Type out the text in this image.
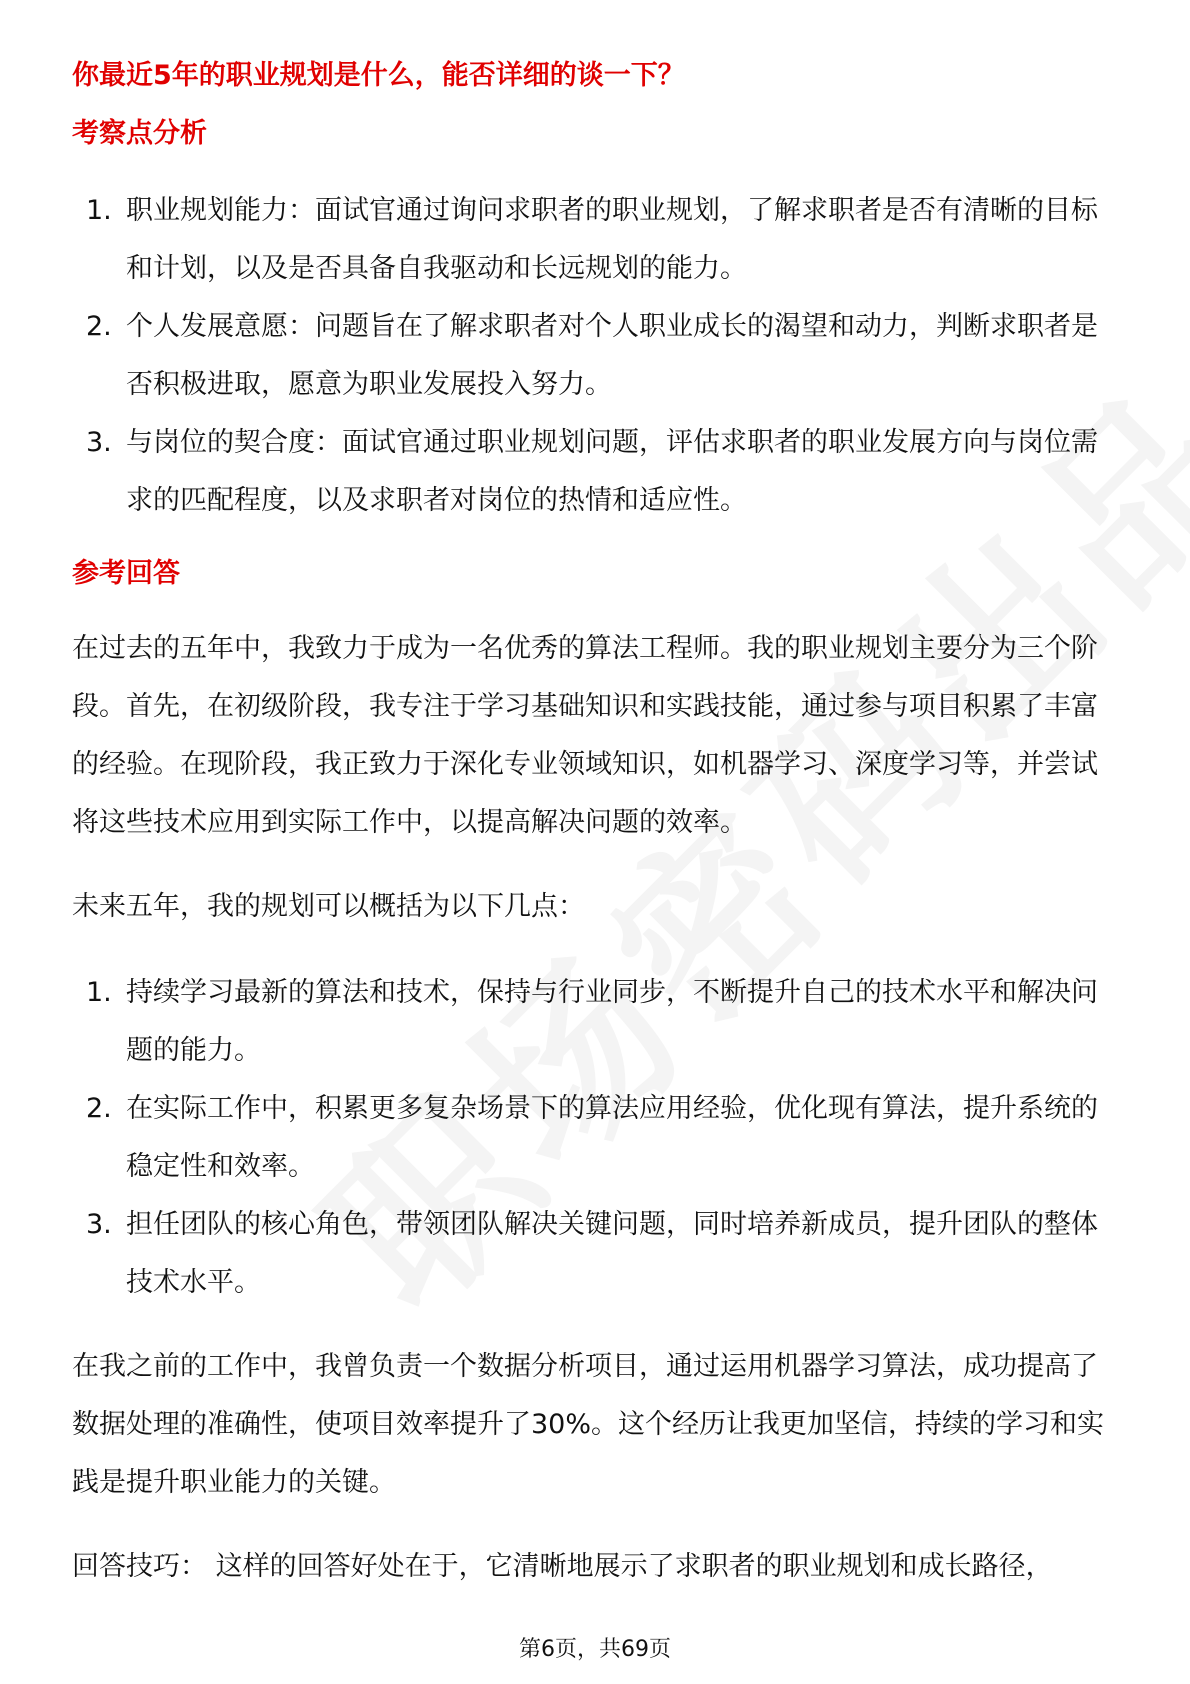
你最近5年的职业规划是什么，能否详细的谈一下？
考察点分析
1. 职业规划能力：面试官通过询问求职者的职业规划，了解求职者是否有清晰的目标和计划，以及是否具备自我驱动和长远规划的能力。
2. 个人发展意愿：问题旨在了解求职者对个人职业成长的渴望和动力，判断求职者是否积极进取，愿意为职业发展投入努力。
3. 与岗位的契合度：面试官通过职业规划问题，评估求职者的职业发展方向与岗位需求的匹配程度，以及求职者对岗位的热情和适应性。
参考回答

在过去的五年中，我致力于成为一名优秀的算法工程师。我的职业规划主要分为三个阶段。首先，在初级阶段，我专注于学习基础知识和实践技能，通过参与项目积累了丰富的经验。在现阶段，我正致力于深化专业领域知识，如机器学习、深度学习等，并尝试将这些技术应用到实际工作中，以提高解决问题的效率。

未来五年，我的规划可以概括为以下几点：

1. 持续学习最新的算法和技术，保持与行业同步，不断提升自己的技术水平和解决问题的能力。
2. 在实际工作中，积累更多复杂场景下的算法应用经验，优化现有算法，提升系统的稳定性和效率。
3. 担任团队的核心角色，带领团队解决关键问题，同时培养新成员，提升团队的整体技术水平。

在我之前的工作中，我曾负责一个数据分析项目，通过运用机器学习算法，成功提高了数据处理的准确性，使项目效率提升了30%。这个经历让我更加坚信，持续的学习和实践是提升职业能力的关键。

回答技巧： 这样的回答好处在于，它清晰地展示了求职者的职业规划和成长路径，

第6页，共69页
